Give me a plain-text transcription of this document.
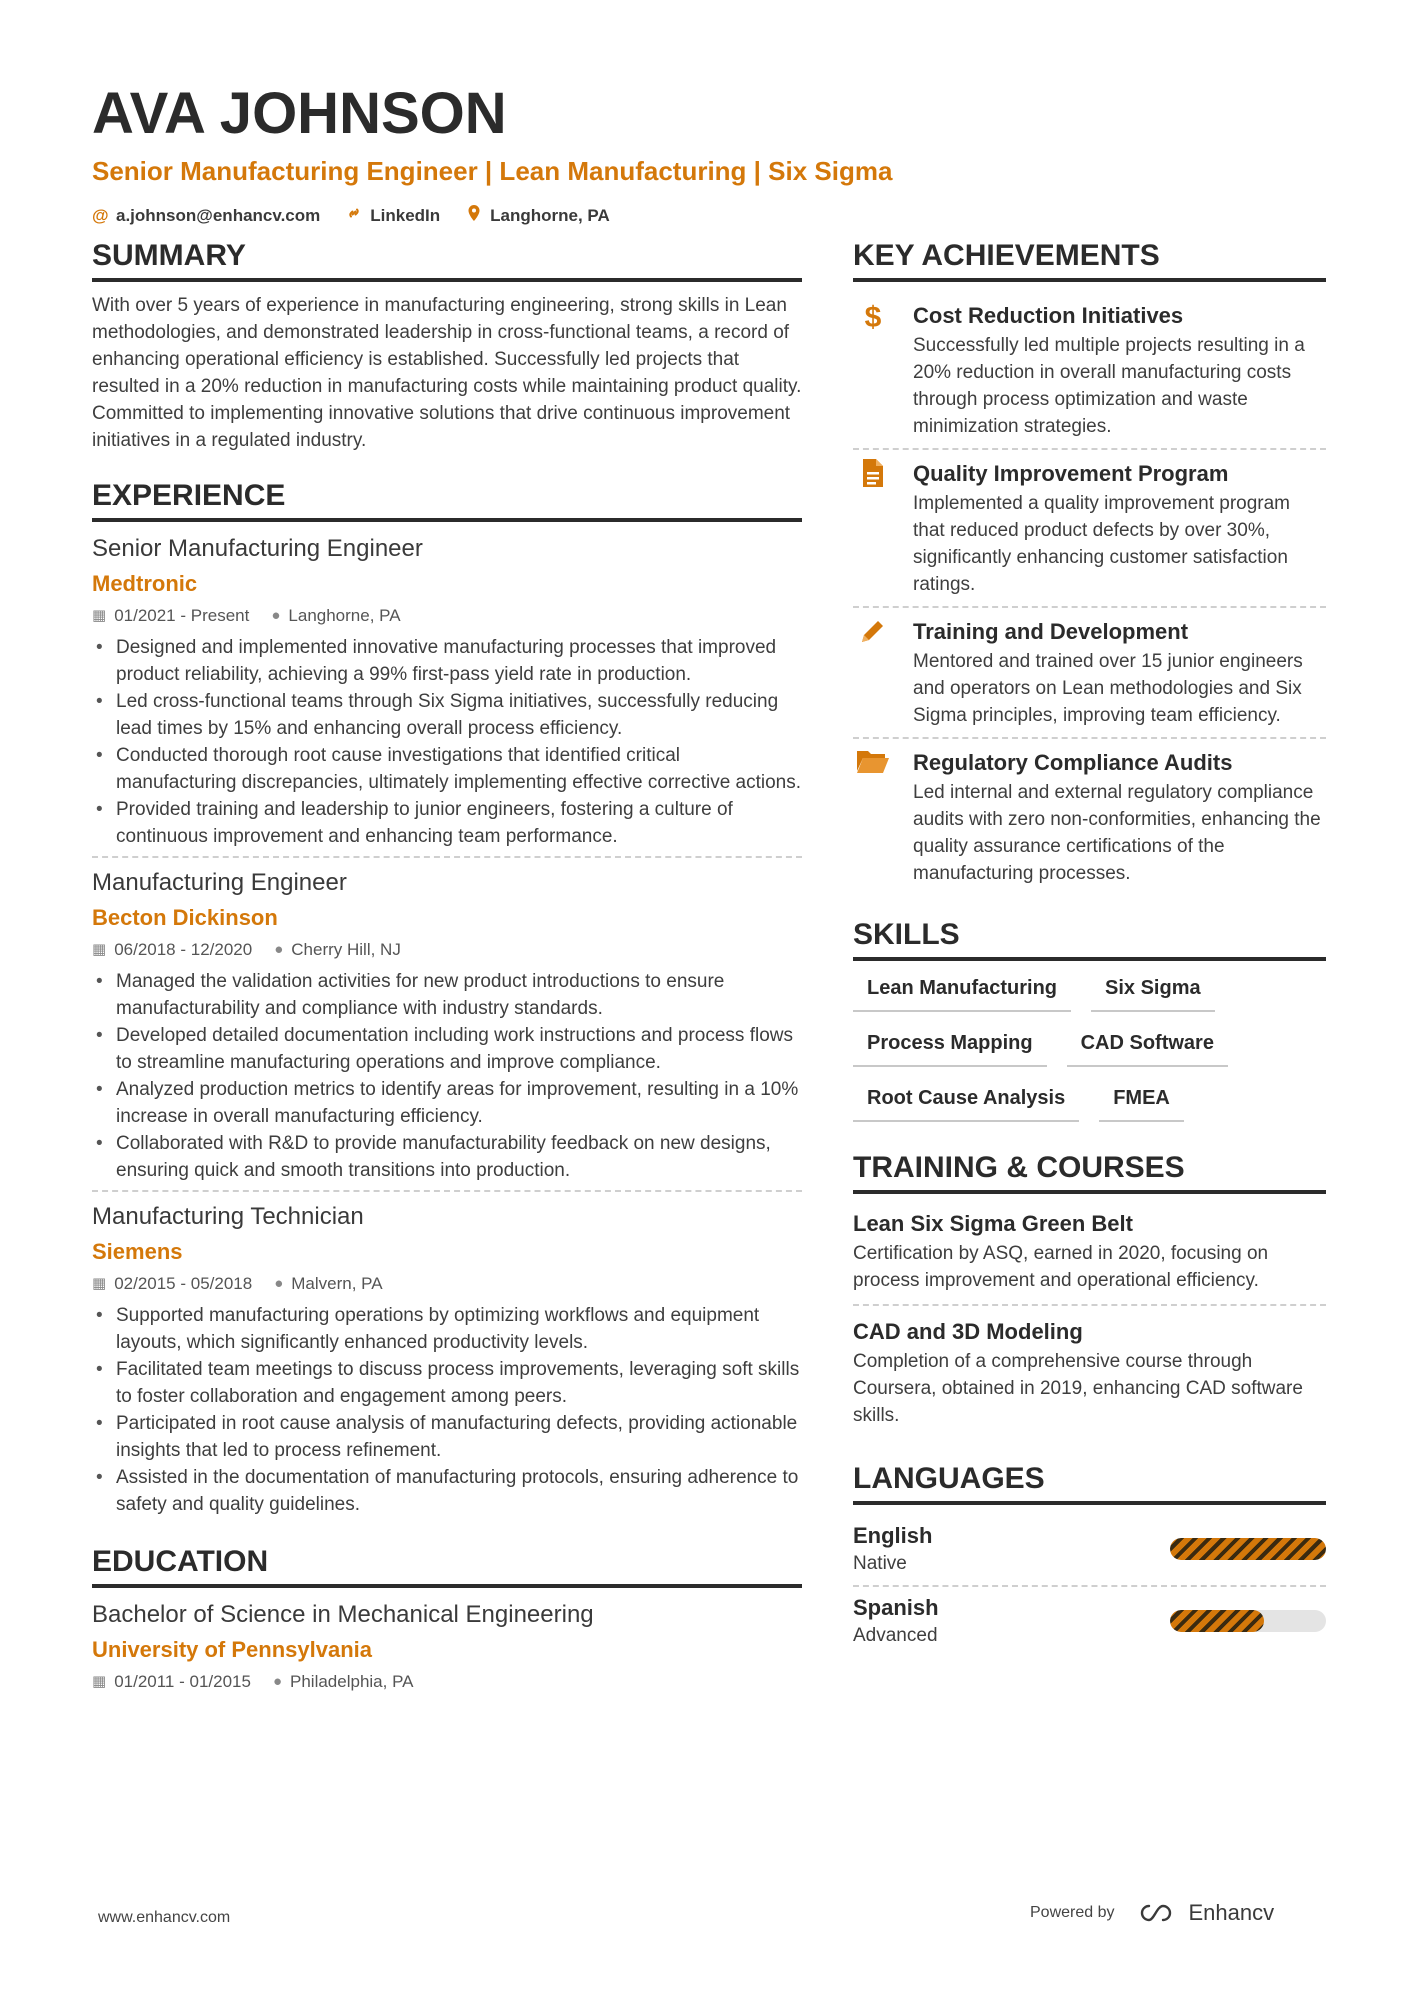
AVA JOHNSON
Senior Manufacturing Engineer | Lean Manufacturing | Six Sigma
@ a.johnson@enhancv.com	LinkedIn	Langhorne, PA
SUMMARY

With over 5 years of experience in manufacturing engineering, strong skills in Lean methodologies, and demonstrated leadership in cross-functional teams, a record of enhancing operational efficiency is established. Successfully led projects that resulted in a 20% reduction in manufacturing costs while maintaining product quality. Committed to implementing innovative solutions that drive continuous improvement initiatives in a regulated industry.

EXPERIENCE
Senior Manufacturing Engineer
Medtronic
▦ 01/2021 - Present ● Langhorne, PA
• Designed and implemented innovative manufacturing processes that improved product reliability, achieving a 99% first-pass yield rate in production.
• Led cross-functional teams through Six Sigma initiatives, successfully reducing lead times by 15% and enhancing overall process efficiency.
• Conducted thorough root cause investigations that identified critical manufacturing discrepancies, ultimately implementing effective corrective actions.
• Provided training and leadership to junior engineers, fostering a culture of continuous improvement and enhancing team performance.
Manufacturing Engineer
Becton Dickinson
▦ 06/2018 - 12/2020 ● Cherry Hill, NJ
• Managed the validation activities for new product introductions to ensure manufacturability and compliance with industry standards.
• Developed detailed documentation including work instructions and process flows to streamline manufacturing operations and improve compliance.
• Analyzed production metrics to identify areas for improvement, resulting in a 10% increase in overall manufacturing efficiency.
• Collaborated with R&D to provide manufacturability feedback on new designs, ensuring quick and smooth transitions into production.
Manufacturing Technician
Siemens
▦ 02/2015 - 05/2018 ● Malvern, PA
• Supported manufacturing operations by optimizing workflows and equipment layouts, which significantly enhanced productivity levels.
• Facilitated team meetings to discuss process improvements, leveraging soft skills to foster collaboration and engagement among peers.
• Participated in root cause analysis of manufacturing defects, providing actionable insights that led to process refinement.
• Assisted in the documentation of manufacturing protocols, ensuring adherence to safety and quality guidelines.
EDUCATION
Bachelor of Science in Mechanical Engineering
University of Pennsylvania
▦ 01/2011 - 01/2015 ● Philadelphia, PA
KEY ACHIEVEMENTS
$	Cost Reduction Initiatives
Successfully led multiple projects resulting in a 20% reduction in overall manufacturing costs through process optimization and waste minimization strategies.
Quality Improvement Program
Implemented a quality improvement program that reduced product defects by over 30%, significantly enhancing customer satisfaction ratings.
Training and Development
Mentored and trained over 15 junior engineers and operators on Lean methodologies and Six Sigma principles, improving team efficiency.
Regulatory Compliance Audits
Led internal and external regulatory compliance audits with zero non-conformities, enhancing the quality assurance certifications of the manufacturing processes.
SKILLS
Lean Manufacturing	Six Sigma
Process Mapping	CAD Software
Root Cause Analysis	FMEA
TRAINING & COURSES
Lean Six Sigma Green Belt
Certification by ASQ, earned in 2020, focusing on process improvement and operational efficiency.
CAD and 3D Modeling
Completion of a comprehensive course through Coursera, obtained in 2019, enhancing CAD software skills.
LANGUAGES
English
Native
Spanish
Advanced
www.enhancv.com	Powered by	Enhancv
